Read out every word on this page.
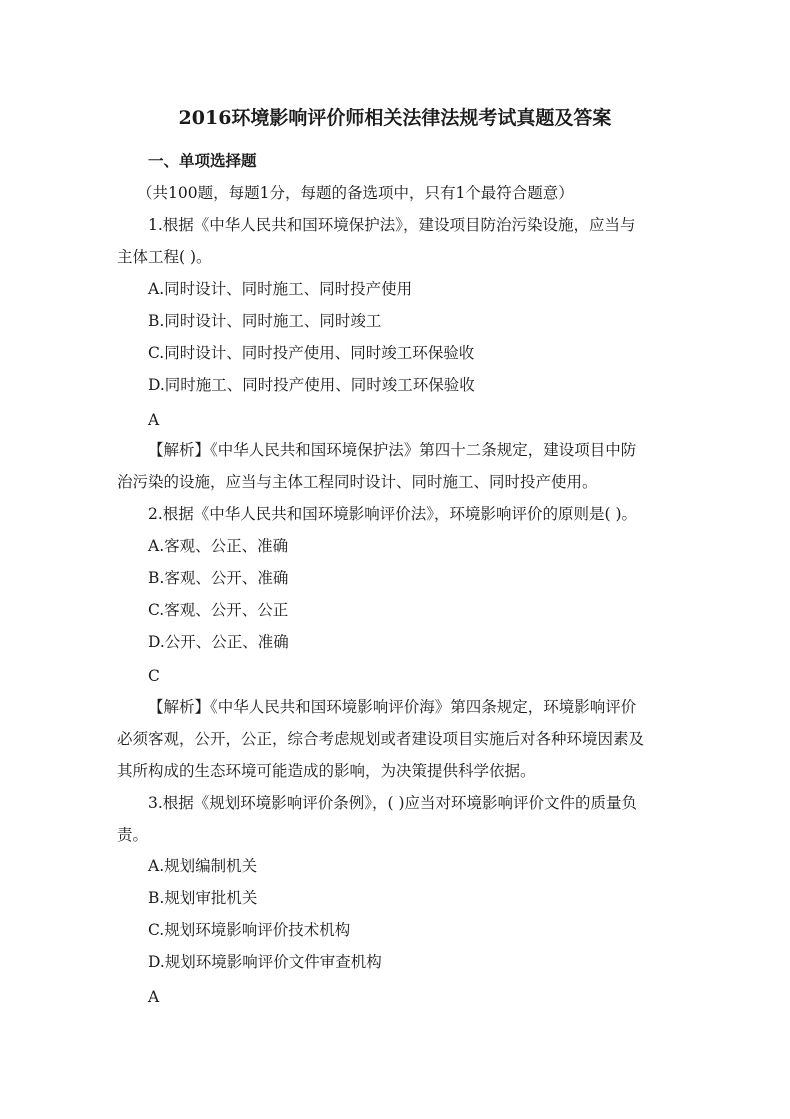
2016环境影响评价师相关法律法规考试真题及答案
一、单项选择题
（共100题，每题1分，每题的备选项中，只有1个最符合题意）
1.根据《中华人民共和国环境保护法》，建设项目防治污染设施，应当与
主体工程( )。
A.同时设计、同时施工、同时投产使用
B.同时设计、同时施工、同时竣工
C.同时设计、同时投产使用、同时竣工环保验收
D.同时施工、同时投产使用、同时竣工环保验收
A
【解析】《中华人民共和国环境保护法》第四十二条规定，建设项目中防
治污染的设施，应当与主体工程同时设计、同时施工、同时投产使用。
2.根据《中华人民共和国环境影响评价法》，环境影响评价的原则是( )。
A.客观、公正、准确
B.客观、公开、准确
C.客观、公开、公正
D.公开、公正、准确
C
【解析】《中华人民共和国环境影响评价海》第四条规定，环境影响评价
必须客观，公开，公正，综合考虑规划或者建设项目实施后对各种环境因素及
其所构成的生态环境可能造成的影响，为决策提供科学依据。
3.根据《规划环境影响评价条例》，( )应当对环境影响评价文件的质量负
责。
A.规划编制机关
B.规划审批机关
C.规划环境影响评价技术机构
D.规划环境影响评价文件审查机构
A
